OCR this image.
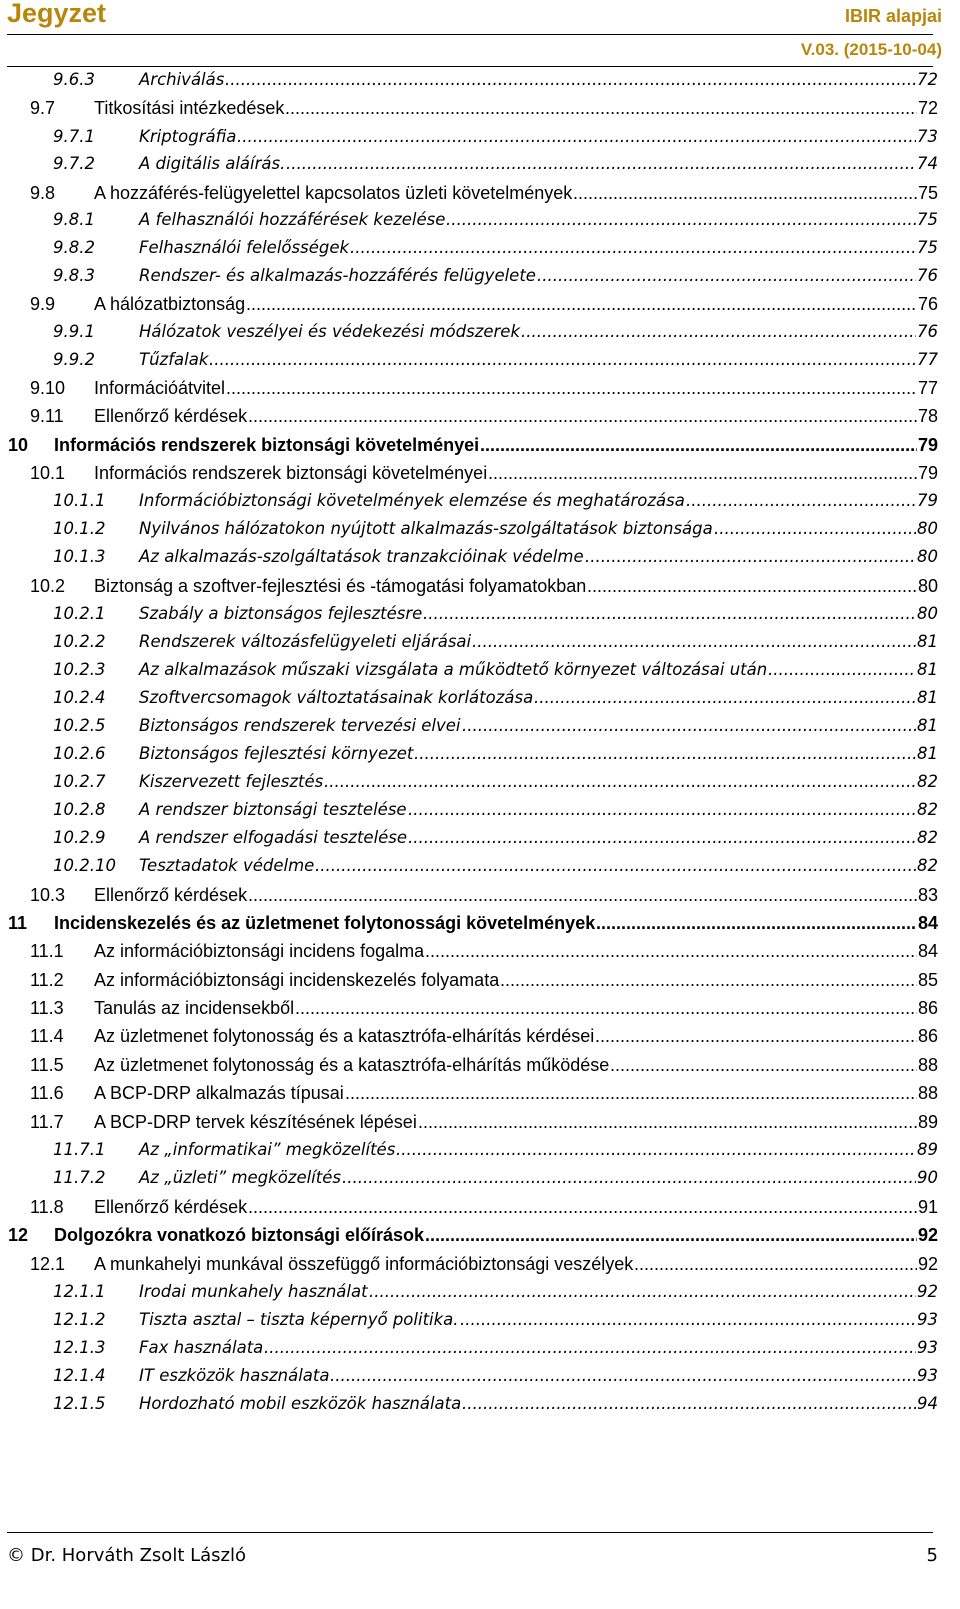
Jegyzet	IBIR alapjai
V.03. (2015-10-04)
.....
9.6.3	Archiválás	72
.....
9.7 Titkosítási intézkedések	72
.....
9.7.1	Kriptográfia	73
.....
9.7.2	A digitális aláírás.	74
.....
9.8 A hozzáférés-felügyelettel kapcsolatos üzleti követelmények	75
.....
9.8.1	A felhasználói hozzáférések kezelése	75
.....
9.8.2	Felhasználói felelősségek	75
.....
9.8.3	Rendszer- és alkalmazás-hozzáférés felügyelete	76
.....
9.9 A hálózatbiztonság	76
.....
9.9.1	Hálózatok veszélyei és védekezési módszerek	76
.....
9.9.2	Tűzfalak	77
.....
9.10 Információátvitel	77
.....
9.11 Ellenőrző kérdések	78
.....
10 Információs rendszerek biztonsági követelményei	79
.....
10.1 Információs rendszerek biztonsági követelményei	79
.....
10.1.1 Információbiztonsági követelmények elemzése és meghatározása	79
.....
10.1.2 Nyilvános hálózatokon nyújtott alkalmazás-szolgáltatások biztonsága	80
.....
10.1.3 Az alkalmazás-szolgáltatások tranzakcióinak védelme	80
.....
10.2 Biztonság a szoftver-fejlesztési és -támogatási folyamatokban	80
.....
10.2.1 Szabály a biztonságos fejlesztésre	80
.....
10.2.2 Rendszerek változásfelügyeleti eljárásai	81
.....
10.2.3 Az alkalmazások műszaki vizsgálata a működtető környezet változásai után	81
.....
10.2.4 Szoftvercsomagok változtatásainak korlátozása	81
.....
10.2.5 Biztonságos rendszerek tervezési elvei	81
.....
10.2.6 Biztonságos fejlesztési környezet	81
.....
10.2.7 Kiszervezett fejlesztés	82
.....
10.2.8 A rendszer biztonsági tesztelése	82
.....
10.2.9 A rendszer elfogadási tesztelése	82
.....
10.2.10 Tesztadatok védelme	82
.....
10.3 Ellenőrző kérdések	83
.....
11 Incidenskezelés és az üzletmenet folytonossági követelmények	84
.....
11.1 Az információbiztonsági incidens fogalma	84
.....
11.2 Az információbiztonsági incidenskezelés folyamata	85
.....
11.3 Tanulás az incidensekből	86
.....
11.4 Az üzletmenet folytonosság és a katasztrófa-elhárítás kérdései	86
.....
11.5 Az üzletmenet folytonosság és a katasztrófa-elhárítás működése	88
.....
11.6 A BCP-DRP alkalmazás típusai	88
.....
11.7 A BCP-DRP tervek készítésének lépései	89
.....
11.7.1 Az „informatikai” megközelítés	89
.....
11.7.2 Az „üzleti” megközelítés	90
.....
11.8 Ellenőrző kérdések	91
.....
12 Dolgozókra vonatkozó biztonsági előírások	92
.....
12.1 A munkahelyi munkával összefüggő információbiztonsági veszélyek	92
.....
12.1.1 Irodai munkahely használat	92
.....
12.1.2 Tiszta asztal – tiszta képernyő politika.	93
.....
12.1.3 Fax használata	93
.....
12.1.4 IT eszközök használata	93
.....
12.1.5 Hordozható mobil eszközök használata	94
© Dr. Horváth Zsolt László	5
